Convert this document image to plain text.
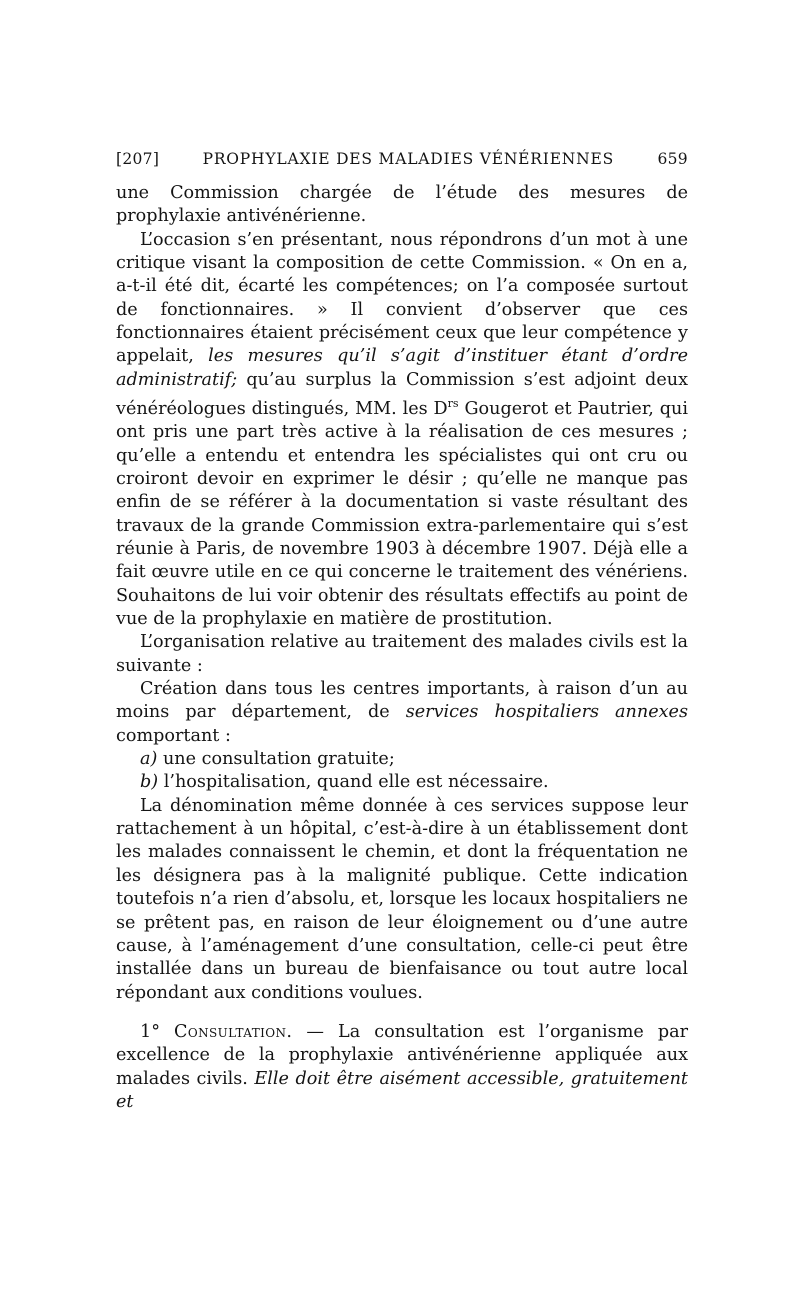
[207]	PROPHYLAXIE DES MALADIES VÉNÉRIENNES	659

une Commission chargée de l’étude des mesures de prophylaxie antivénérienne.

L’occasion s’en présentant, nous répondrons d’un mot à une critique visant la composition de cette Commission. « On en a, a-t-il été dit, écarté les compétences; on l’a composée surtout de fonctionnaires. » Il convient d’observer que ces fonctionnaires étaient précisément ceux que leur compétence y appelait, les mesures qu’il s’agit d’instituer étant d’ordre administratif; qu’au surplus la Commission s’est adjoint deux vénéréologues distingués, MM. les $D^{rs}$ Gougerot et Pautrier, qui ont pris une part très active à la réalisation de ces mesures ; qu’elle a entendu et entendra les spécialistes qui ont cru ou croiront devoir en exprimer le désir ; qu’elle ne manque pas enfin de se référer à la documentation si vaste résultant des travaux de la grande Commission extra-parlementaire qui s’est réunie à Paris, de novembre 1903 à décembre 1907. Déjà elle a fait œuvre utile en ce qui concerne le traitement des vénériens. Souhaitons de lui voir obtenir des résultats effectifs au point de vue de la prophylaxie en matière de prostitution.

L’organisation relative au traitement des malades civils est la suivante :

Création dans tous les centres importants, à raison d’un au moins par département, de services hospitaliers annexes comportant :

a) une consultation gratuite;

b) l’hospitalisation, quand elle est nécessaire.

La dénomination même donnée à ces services suppose leur rattachement à un hôpital, c’est-à-dire à un établissement dont les malades connaissent le chemin, et dont la fréquentation ne les désignera pas à la malignité publique. Cette indication toutefois n’a rien d’absolu, et, lorsque les locaux hospitaliers ne se prêtent pas, en raison de leur éloignement ou d’une autre cause, à l’aménagement d’une consultation, celle-ci peut être installée dans un bureau de bienfaisance ou tout autre local répondant aux conditions voulues.

1° Consultation. — La consultation est l’organisme par excellence de la prophylaxie antivénérienne appliquée aux malades civils. Elle doit être aisément accessible, gratuitement et
